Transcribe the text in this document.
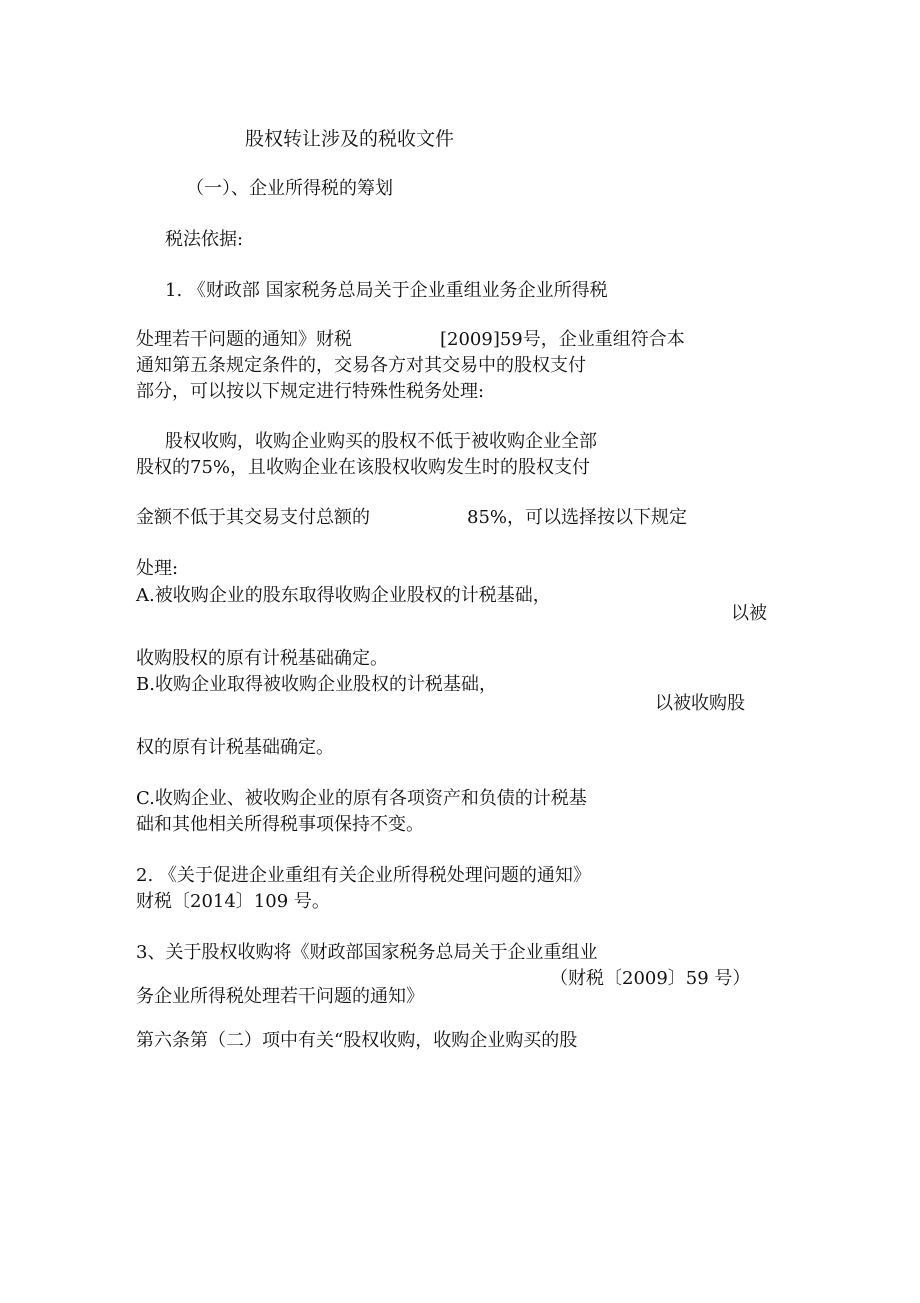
股权转让涉及的税收文件
（一）、企业所得税的筹划
税法依据:
1. 《财政部 国家税务总局关于企业重组业务企业所得税
处理若干问题的通知》财税	[2009]59号，企业重组符合本
通知第五条规定条件的，交易各方对其交易中的股权支付
部分，可以按以下规定进行特殊性税务处理:
股权收购，收购企业购买的股权不低于被收购企业全部
股权的75%，且收购企业在该股权收购发生时的股权支付
金额不低于其交易支付总额的	85%，可以选择按以下规定
处理:
A.被收购企业的股东取得收购企业股权的计税基础，
以被
收购股权的原有计税基础确定。
B.收购企业取得被收购企业股权的计税基础，
以被收购股
权的原有计税基础确定。
C.收购企业、被收购企业的原有各项资产和负债的计税基
础和其他相关所得税事项保持不变。
2. 《关于促进企业重组有关企业所得税处理问题的通知》
财税〔2014〕109 号。
3、关于股权收购将《财政部国家税务总局关于企业重组业
（财税〔2009〕59 号）
务企业所得税处理若干问题的通知》
第六条第（二）项中有关“股权收购，收购企业购买的股
